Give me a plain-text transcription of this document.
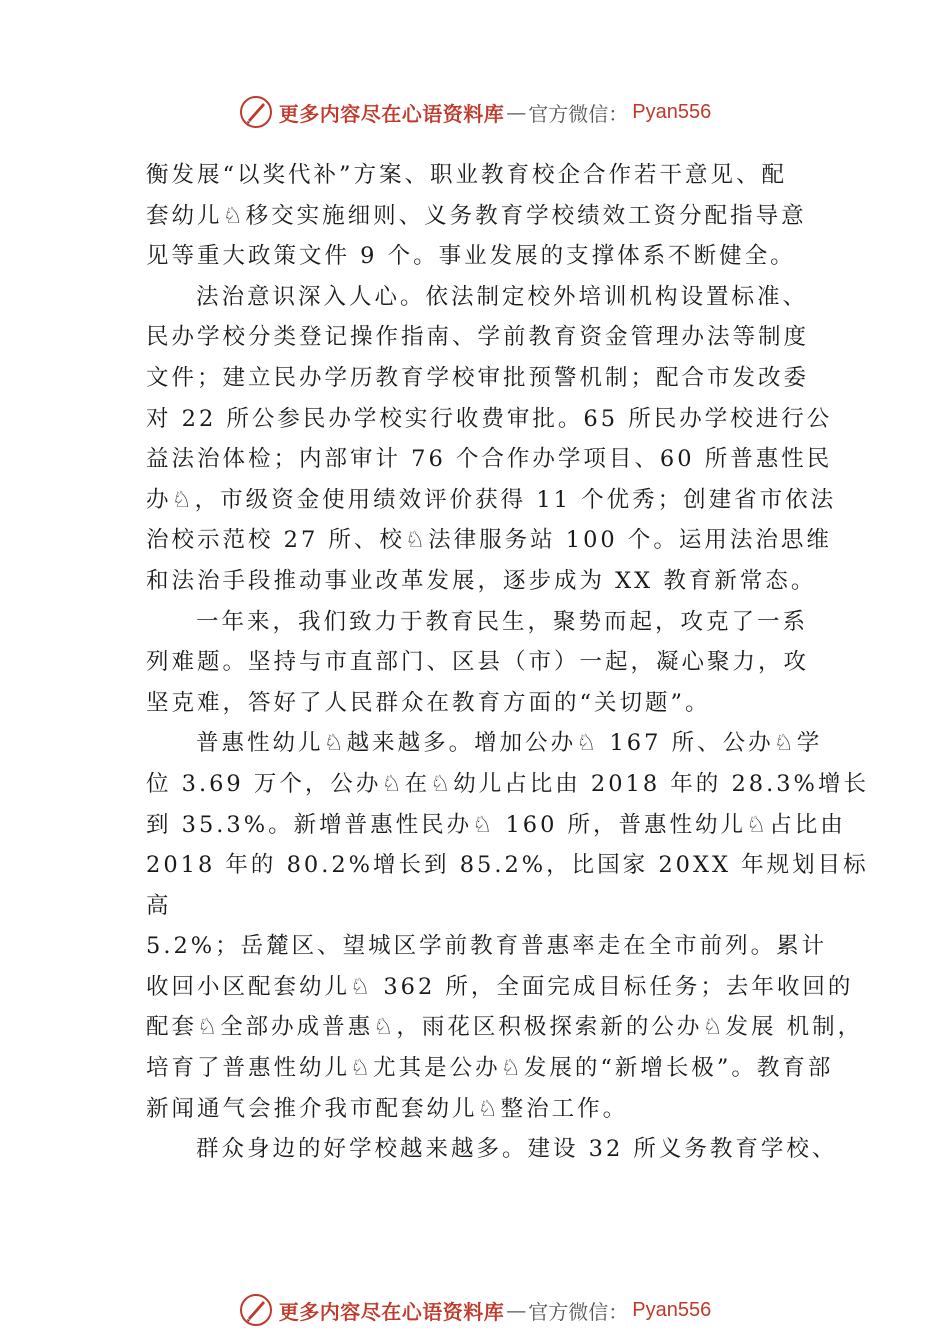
更多内容尽在心语资料库 — 官方微信： Pyan556
衡发展“以奖代补”方案、职业教育校企合作若干意见、配
套幼儿♘移交实施细则、义务教育学校绩效工资分配指导意
见等重大政策文件 9 个。事业发展的支撑体系不断健全。
法治意识深入人心。依法制定校外培训机构设置标准、
民办学校分类登记操作指南、学前教育资金管理办法等制度
文件；建立民办学历教育学校审批预警机制；配合市发改委
对 22 所公参民办学校实行收费审批。65 所民办学校进行公
益法治体检；内部审计 76 个合作办学项目、60 所普惠性民
办♘，市级资金使用绩效评价获得 11 个优秀；创建省市依法
治校示范校 27 所、校♘法律服务站 100 个。运用法治思维
和法治手段推动事业改革发展，逐步成为 XX 教育新常态。
一年来，我们致力于教育民生，聚势而起，攻克了一系
列难题。坚持与市直部门、区县（市）一起，凝心聚力，攻
坚克难，答好了人民群众在教育方面的“关切题”。
普惠性幼儿♘越来越多。增加公办♘ 167 所、公办♘学
位 3.69 万个，公办♘在♘幼儿占比由 2018 年的 28.3%增长
到 35.3%。新增普惠性民办♘ 160 所，普惠性幼儿♘占比由
2018 年的 80.2%增长到 85.2%，比国家 20XX 年规划目标
高
5.2%；岳麓区、望城区学前教育普惠率走在全市前列。累计
收回小区配套幼儿♘ 362 所，全面完成目标任务；去年收回的
配套♘全部办成普惠♘，雨花区积极探索新的公办♘发展 机制，
培育了普惠性幼儿♘尤其是公办♘发展的“新增长极”。教育部
新闻通气会推介我市配套幼儿♘整治工作。
群众身边的好学校越来越多。建设 32 所义务教育学校、
更多内容尽在心语资料库 — 官方微信： Pyan556
